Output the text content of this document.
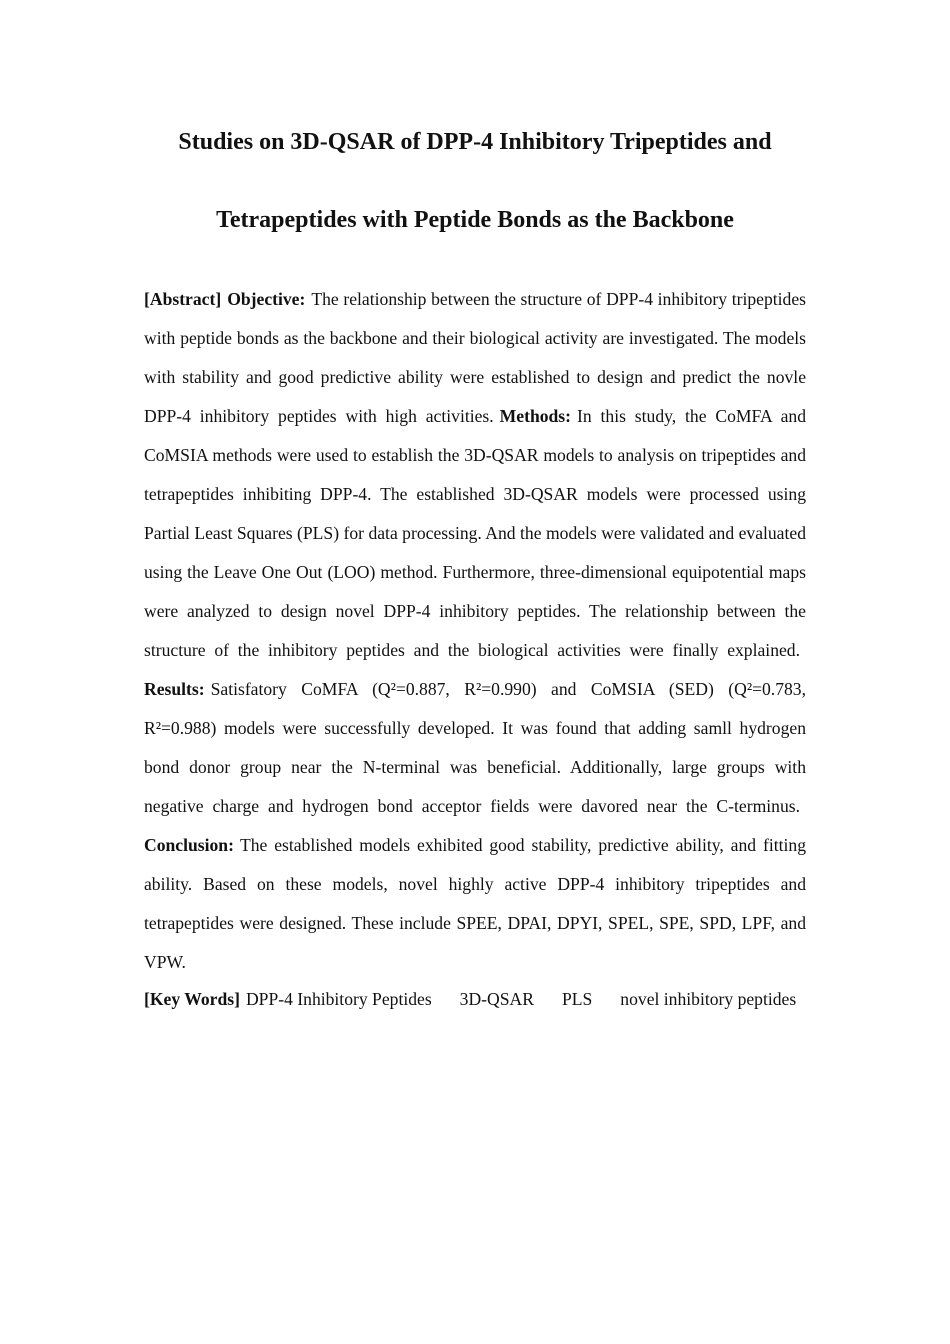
Studies on 3D-QSAR of DPP-4 Inhibitory Tripeptides and
Tetrapeptides with Peptide Bonds as the Backbone

[Abstract] Objective: The relationship between the structure of DPP-4 inhibitory tripeptides with peptide bonds as the backbone and their biological activity are investigated. The models with stability and good predictive ability were established to design and predict the novle DPP-4 inhibitory peptides with high activities. Methods: In this study, the CoMFA and CoMSIA methods were used to establish the 3D-QSAR models to analysis on tripeptides and tetrapeptides inhibiting DPP-4. The established 3D-QSAR models were processed using Partial Least Squares (PLS) for data processing. And the models were validated and evaluated using the Leave One Out (LOO) method. Furthermore, three-dimensional equipotential maps were analyzed to design novel DPP-4 inhibitory peptides. The relationship between the structure of the inhibitory peptides and the biological activities were finally explained.Results: Satisfatory CoMFA (Q²=0.887, R²=0.990) and CoMSIA (SED) (Q²=0.783, R²=0.988) models were successfully developed. It was found that adding samll hydrogen bond donor group near the N-terminal was beneficial. Additionally, large groups with negative charge and hydrogen bond acceptor fields were davored near the C-terminus.Conclusion: The established models exhibited good stability, predictive ability, and fitting ability. Based on these models, novel highly active DPP-4 inhibitory tripeptides and tetrapeptides were designed. These include SPEE, DPAI, DPYI, SPEL, SPE, SPD, LPF, and VPW.

[Key Words] DPP-4 Inhibitory Peptides 3D-QSAR PLS novel inhibitory peptides
